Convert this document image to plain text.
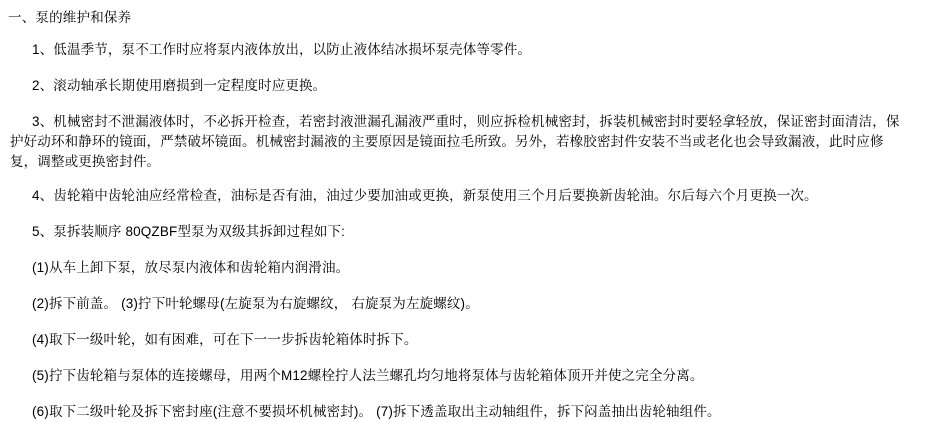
一、泵的维护和保养
1、低温季节，泵不工作时应将泵内液体放出，以防止液体结冰损坏泵壳体等零件。
2、滚动轴承长期使用磨损到一定程度时应更换。
3、机械密封不泄漏液体时，不必拆开检查，若密封液泄漏孔漏液严重时，则应拆检机械密封，拆装机械密封时要轻拿轻放，保证密封面清洁，保
护好动环和静环的镜面，严禁破坏镜面。机械密封漏液的主要原因是镜面拉毛所致。另外，若橡胶密封件安装不当或老化也会导致漏液，此时应修
复，调整或更换密封件。
4、齿轮箱中齿轮油应经常检查，油标是否有油，油过少要加油或更换，新泵使用三个月后要换新齿轮油。尔后每六个月更换一次。
5、泵拆装顺序 80QZBF型泵为双级其拆卸过程如下:
(1)从车上卸下泵，放尽泵内液体和齿轮箱内润滑油。
(2)拆下前盖。 (3)拧下叶轮螺母(左旋泵为右旋螺纹， 右旋泵为左旋螺纹)。
(4)取下一级叶轮，如有困难，可在下一一步拆齿轮箱体时拆下。
(5)拧下齿轮箱与泵体的连接螺母，用两个M12螺栓拧人法兰螺孔均匀地将泵体与齿轮箱体顶开并使之完全分离。
(6)取下二级叶轮及拆下密封座(注意不要损坏机械密封)。 (7)拆下透盖取出主动轴组件，拆下闷盖抽出齿轮轴组件。
